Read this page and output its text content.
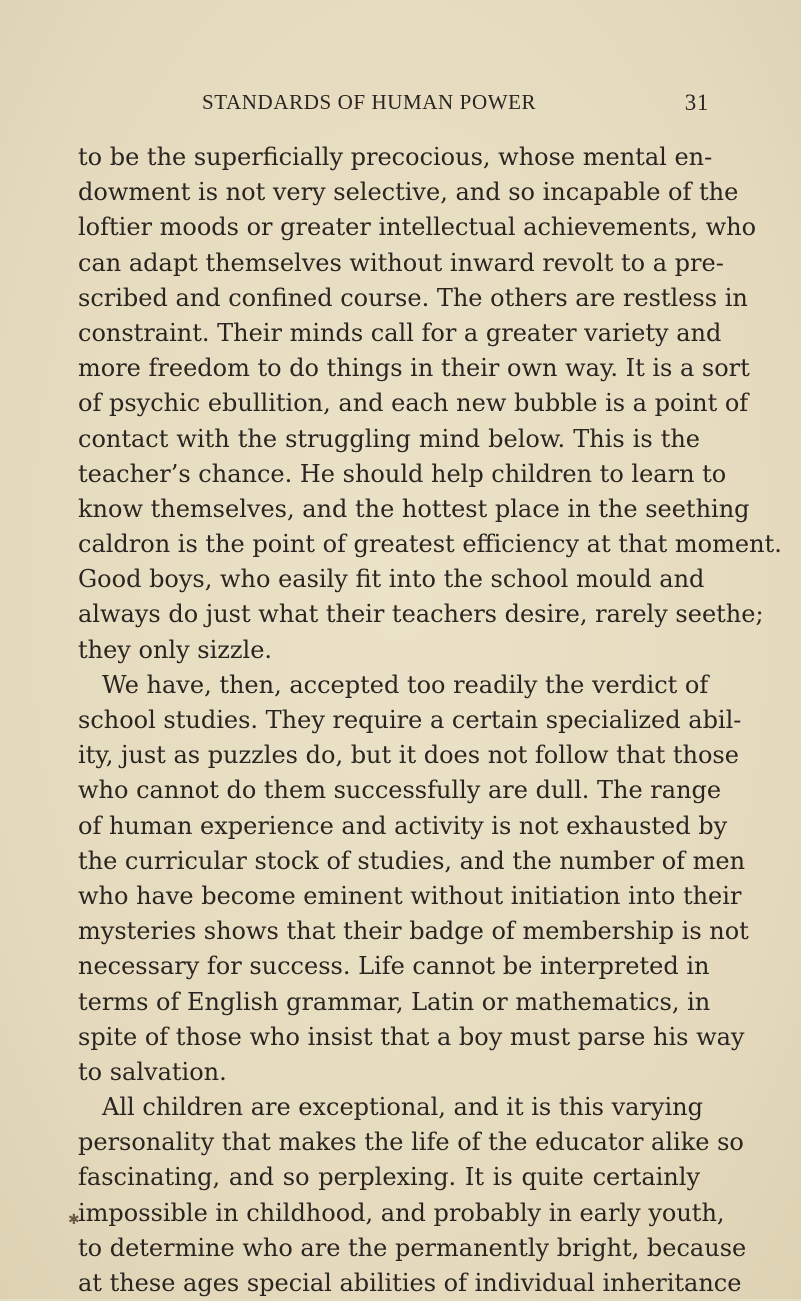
STANDARDS OF HUMAN POWER	31
to be the superficially precocious, whose mental en-
dowment is not very selective, and so incapable of the
loftier moods or greater intellectual achievements, who
can adapt themselves without inward revolt to a pre-
scribed and confined course. The others are restless in
constraint. Their minds call for a greater variety and
more freedom to do things in their own way. It is a sort
of psychic ebullition, and each new bubble is a point of
contact with the struggling mind below. This is the
teacher’s chance. He should help children to learn to
know themselves, and the hottest place in the seething
caldron is the point of greatest efficiency at that moment.
Good boys, who easily fit into the school mould and
always do just what their teachers desire, rarely seethe;
they only sizzle.
We have, then, accepted too readily the verdict of
school studies. They require a certain specialized abil-
ity, just as puzzles do, but it does not follow that those
who cannot do them successfully are dull. The range
of human experience and activity is not exhausted by
the curricular stock of studies, and the number of men
who have become eminent without initiation into their
mysteries shows that their badge of membership is not
necessary for success. Life cannot be interpreted in
terms of English grammar, Latin or mathematics, in
spite of those who insist that a boy must parse his way
to salvation.
All children are exceptional, and it is this varying
personality that makes the life of the educator alike so
fascinating, and so perplexing. It is quite certainly
impossible in childhood, and probably in early youth,
to determine who are the permanently bright, because
at these ages special abilities of individual inheritance
✱
